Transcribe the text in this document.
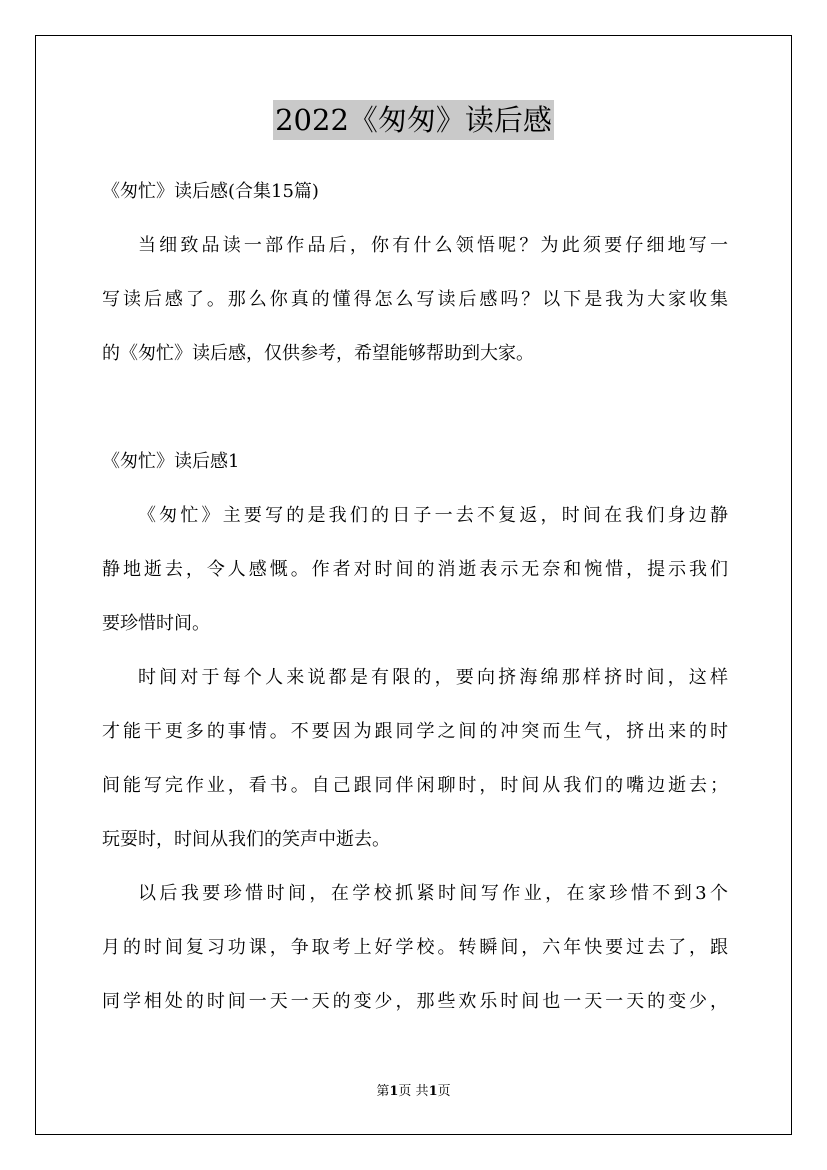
2022《匆匆》读后感
《匆忙》读后感(合集15篇)
当细致品读一部作品后，你有什么领悟呢？为此须要仔细地写一
写读后感了。那么你真的懂得怎么写读后感吗？以下是我为大家收集
的《匆忙》读后感，仅供参考，希望能够帮助到大家。
《匆忙》读后感1
《匆忙》主要写的是我们的日子一去不复返，时间在我们身边静
静地逝去，令人感慨。作者对时间的消逝表示无奈和惋惜，提示我们
要珍惜时间。
时间对于每个人来说都是有限的，要向挤海绵那样挤时间，这样
才能干更多的事情。不要因为跟同学之间的冲突而生气，挤出来的时
间能写完作业，看书。自己跟同伴闲聊时，时间从我们的嘴边逝去；
玩耍时，时间从我们的笑声中逝去。
以后我要珍惜时间，在学校抓紧时间写作业，在家珍惜不到3个
月的时间复习功课，争取考上好学校。转瞬间，六年快要过去了，跟
同学相处的时间一天一天的变少，那些欢乐时间也一天一天的变少，
第1页 共1页
